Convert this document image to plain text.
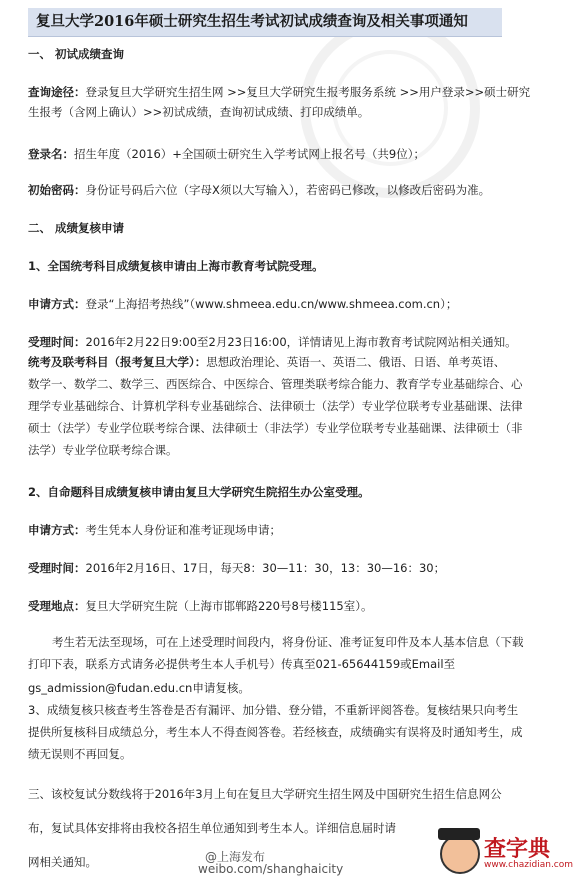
复旦大学2016年硕士研究生招生考试初试成绩查询及相关事项通知
一、 初试成绩查询
查询途径：登录复旦大学研究生招生网 >>复旦大学研究生报考服务系统 >>用户登录>>硕士研究
生报考（含网上确认）>>初试成绩，查询初试成绩、打印成绩单。
登录名：招生年度（2016）+全国硕士研究生入学考试网上报名号（共9位）；
初始密码：身份证号码后六位（字母X须以大写输入），若密码已修改，以修改后密码为准。
二、 成绩复核申请
1、全国统考科目成绩复核申请由上海市教育考试院受理。
申请方式：登录“上海招考热线”（www.shmeea.edu.cn/www.shmeea.com.cn）；
受理时间：2016年2月22日9:00至2月23日16:00，详情请见上海市教育考试院网站相关通知。
统考及联考科目（报考复旦大学）：思想政治理论、英语一、英语二、俄语、日语、单考英语、
数学一、数学二、数学三、西医综合、中医综合、管理类联考综合能力、教育学专业基础综合、心
理学专业基础综合、计算机学科专业基础综合、法律硕士（法学）专业学位联考专业基础课、法律
硕士（法学）专业学位联考综合课、法律硕士（非法学）专业学位联考专业基础课、法律硕士（非
法学）专业学位联考综合课。
2、自命题科目成绩复核申请由复旦大学研究生院招生办公室受理。
申请方式：考生凭本人身份证和准考证现场申请；
受理时间：2016年2月16日、17日，每天8：30—11：30，13：30—16：30；
受理地点：复旦大学研究生院（上海市邯郸路220号8号楼115室）。
考生若无法至现场，可在上述受理时间段内，将身份证、准考证复印件及本人基本信息（下载
打印下表，联系方式请务必提供考生本人手机号）传真至021-65644159或Email至
gs_admission@fudan.edu.cn申请复核。
3、成绩复核只核查考生答卷是否有漏评、加分错、登分错，不重新评阅答卷。复核结果只向考生
提供所复核科目成绩总分，考生本人不得查阅答卷。若经核查，成绩确实有误将及时通知考生，成
绩无误则不再回复。
三、该校复试分数线将于2016年3月上旬在复旦大学研究生招生网及中国研究生招生信息网公
布，复试具体安排将由我校各招生单位通知到考生本人。详细信息届时请
网相关通知。	@上海发布
weibo.com/shanghaicity
查字典
www.chazidian.com
